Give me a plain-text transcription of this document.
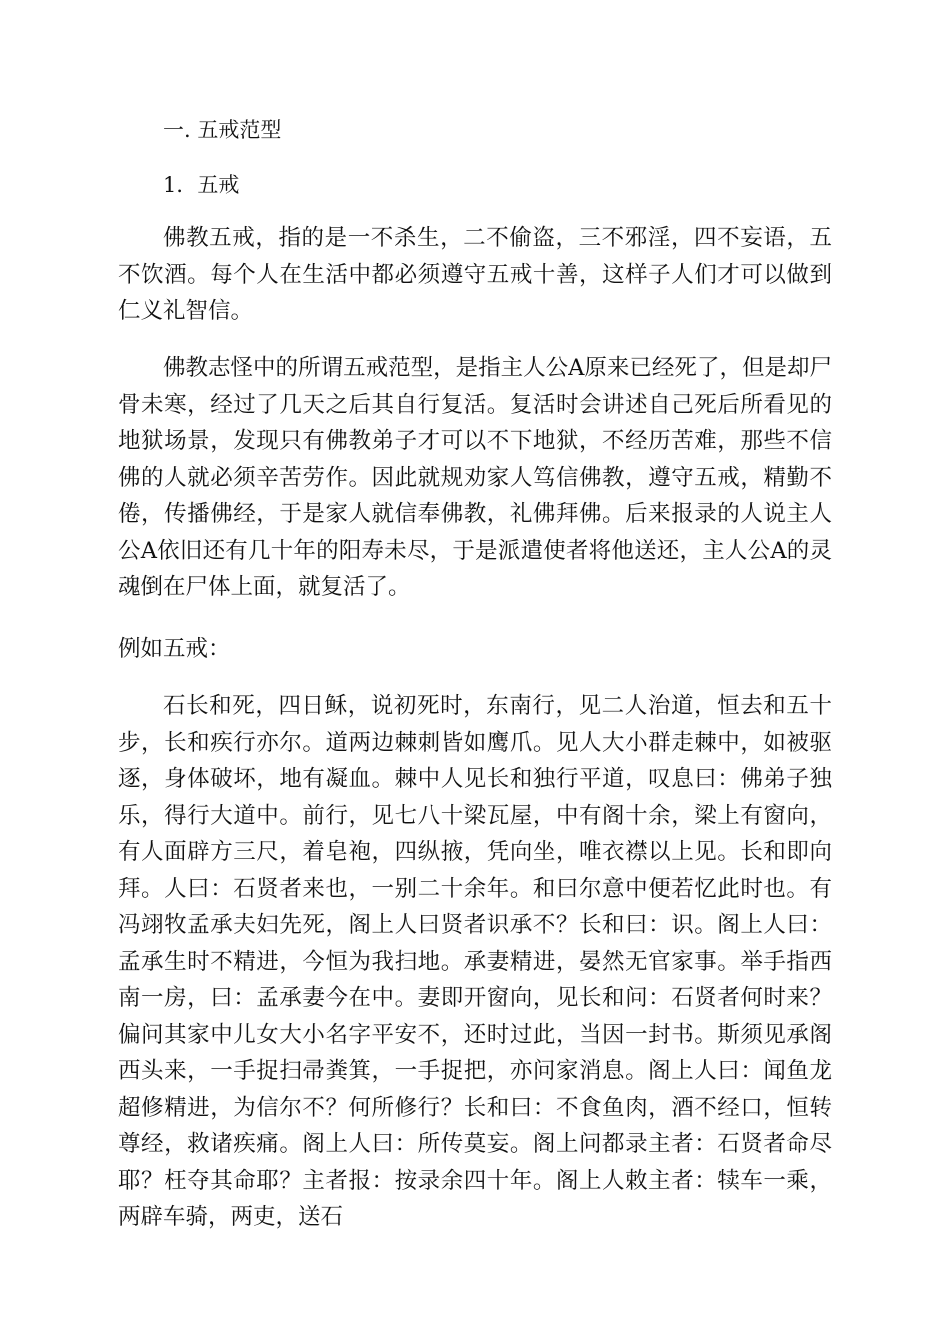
一. 五戒范型
1．五戒

佛教五戒，指的是一不杀生，二不偷盗，三不邪淫，四不妄语，五不饮酒。每个人在生活中都必须遵守五戒十善，这样子人们才可以做到仁义礼智信。

佛教志怪中的所谓五戒范型，是指主人公A原来已经死了，但是却尸骨未寒，经过了几天之后其自行复活。复活时会讲述自己死后所看见的地狱场景，发现只有佛教弟子才可以不下地狱，不经历苦难，那些不信佛的人就必须辛苦劳作。因此就规劝家人笃信佛教，遵守五戒，精勤不倦，传播佛经，于是家人就信奉佛教，礼佛拜佛。后来报录的人说主人公A依旧还有几十年的阳寿未尽，于是派遣使者将他送还，主人公A的灵魂倒在尸体上面，就复活了。

例如五戒：

石长和死，四日稣，说初死时，东南行，见二人治道，恒去和五十步，长和疾行亦尔。道两边棘刺皆如鹰爪。见人大小群走棘中，如被驱逐，身体破坏，地有凝血。棘中人见长和独行平道，叹息曰：佛弟子独乐，得行大道中。前行，见七八十梁瓦屋，中有阁十余，梁上有窗向，有人面辟方三尺，着皂袍，四纵掖，凭向坐，唯衣襟以上见。长和即向拜。人曰：石贤者来也，一别二十余年。和曰尔意中便若忆此时也。有冯翊牧孟承夫妇先死，阁上人曰贤者识承不？长和曰：识。阁上人曰：孟承生时不精进，今恒为我扫地。承妻精进，晏然无官家事。举手指西南一房，曰：孟承妻今在中。妻即开窗向，见长和问：石贤者何时来？偏问其家中儿女大小名字平安不，还时过此，当因一封书。斯须见承阁西头来，一手捉扫帚粪箕，一手捉把，亦问家消息。阁上人曰：闻鱼龙超修精进，为信尔不？何所修行？长和曰：不食鱼肉，酒不经口，恒转尊经，救诸疾痛。阁上人曰：所传莫妄。阁上问都录主者：石贤者命尽耶？枉夺其命耶？主者报：按录余四十年。阁上人敕主者：犊车一乘，两辟车骑，两吏，送石
